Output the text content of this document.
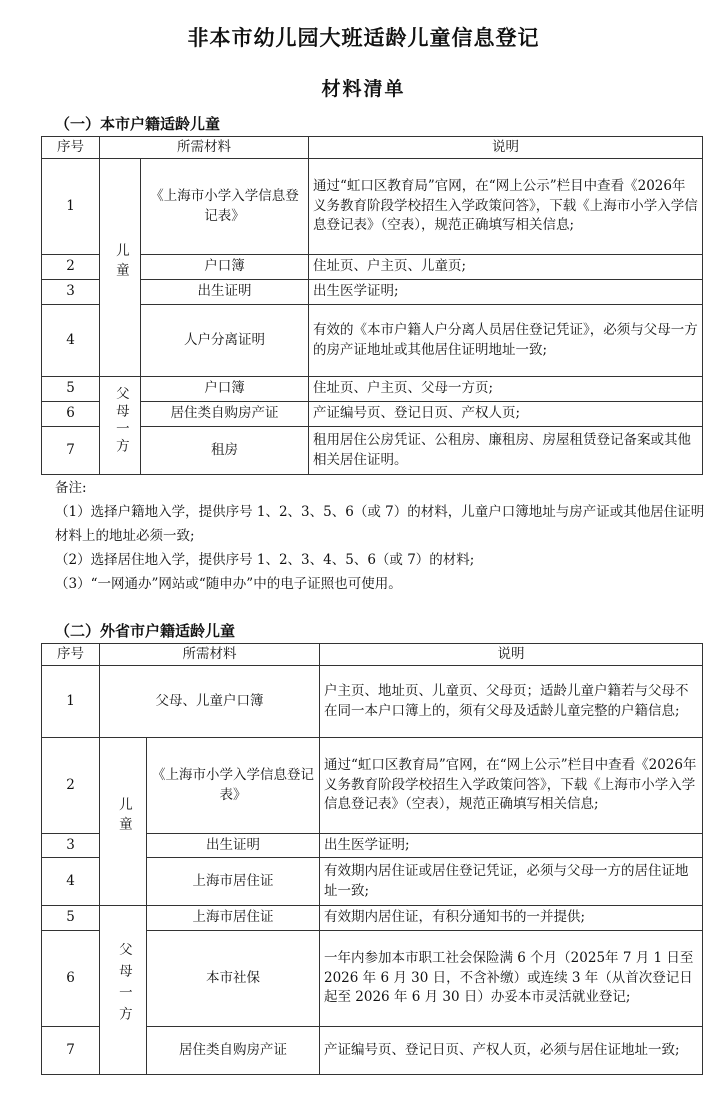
非本市幼儿园大班适龄儿童信息登记
材料清单
（一）本市户籍适龄儿童
序号	所需材料		说明
1	儿童	《上海市小学入学信息登记表》	通过“虹口区教育局”官网，在“网上公示”栏目中查看《2026年义务教育阶段学校招生入学政策问答》，下载《上海市小学入学信息登记表》（空表），规范正确填写相关信息;
2		户口簿	住址页、户主页、儿童页;
3		出生证明	出生医学证明;
4		人户分离证明	有效的《本市户籍人户分离人员居住登记凭证》，必须与父母一方的房产证地址或其他居住证明地址一致;
5	父母一方	户口簿	住址页、户主页、父母一方页;
6		居住类自购房产证	产证编号页、登记日页、产权人页;
7		租房	租用居住公房凭证、公租房、廉租房、房屋租赁登记备案或其他相关居住证明。
备注:
（1）选择户籍地入学，提供序号 1、2、3、5、6（或 7）的材料，儿童户口簿地址与房产证或其他居住证明材料上的地址必须一致;
（2）选择居住地入学，提供序号 1、2、3、4、5、6（或 7）的材料;
（3）“一网通办”网站或“随申办”中的电子证照也可使用。
（二）外省市户籍适龄儿童
序号	所需材料		说明
1	父母、儿童户口簿		户主页、地址页、儿童页、父母页；适龄儿童户籍若与父母不在同一本户口簿上的，须有父母及适龄儿童完整的户籍信息;
2	儿童	《上海市小学入学信息登记表》	通过“虹口区教育局”官网，在“网上公示”栏目中查看《2026年义务教育阶段学校招生入学政策问答》，下载《上海市小学入学信息登记表》（空表），规范正确填写相关信息;
3		出生证明	出生医学证明;
4		上海市居住证	有效期内居住证或居住登记凭证，必须与父母一方的居住证地址一致;
5	父母一方	上海市居住证	有效期内居住证，有积分通知书的一并提供;
6		本市社保	一年内参加本市职工社会保险满 6 个月（2025年 7 月 1 日至 2026 年 6 月 30 日，不含补缴）或连续 3 年（从首次登记日起至 2026 年 6 月 30 日）办妥本市灵活就业登记;
7		居住类自购房产证	产证编号页、登记日页、产权人页，必须与居住证地址一致;
